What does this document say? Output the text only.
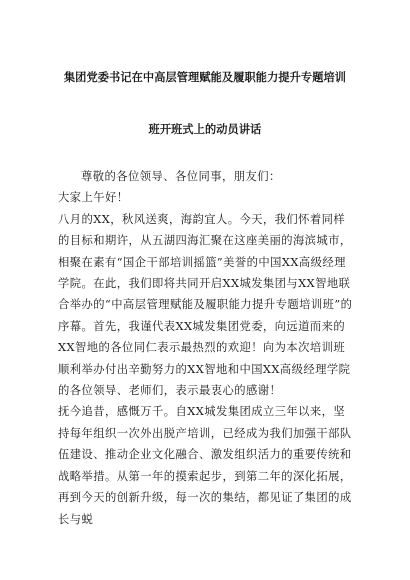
集团党委书记在中高层管理赋能及履职能力提升专题培训
班开班式上的动员讲话

尊敬的各位领导、各位同事，朋友们：

大家上午好！

八月的XX，秋风送爽，海韵宜人。今天，我们怀着同样的目标和期许，从五湖四海汇聚在这座美丽的海滨城市，相聚在素有“国企干部培训摇篮”美誉的中国XX高级经理学院。在此，我们即将共同开启XX城发集团与XX智地联合举办的“中高层管理赋能及履职能力提升专题培训班”的序幕。首先，我谨代表XX城发集团党委，向远道而来的XX智地的各位同仁表示最热烈的欢迎！向为本次培训班顺利举办付出辛勤努力的XX智地和中国XX高级经理学院的各位领导、老师们，表示最衷心的感谢！

抚今追昔，感慨万千。自XX城发集团成立三年以来，坚持每年组织一次外出脱产培训，已经成为我们加强干部队伍建设、推动企业文化融合、激发组织活力的重要传统和战略举措。从第一年的摸索起步，到第二年的深化拓展，再到今天的创新升级，每一次的集结，都见证了集团的成长与蜕
